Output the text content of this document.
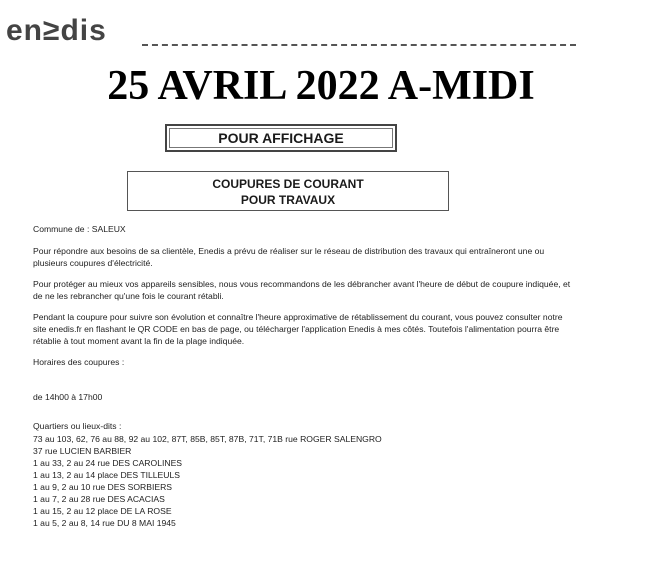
en≥dis
25 AVRIL 2022 A-MIDI
POUR AFFICHAGE
COUPURES DE COURANT
POUR TRAVAUX
Commune de : SALEUX
Pour répondre aux besoins de sa clientèle, Enedis a prévu de réaliser sur le réseau de distribution des travaux qui entraîneront une ou plusieurs coupures d'électricité.
Pour protéger au mieux vos appareils sensibles, nous vous recommandons de les débrancher avant l'heure de début de coupure indiquée, et de ne les rebrancher qu'une fois le courant rétabli.
Pendant la coupure pour suivre son évolution et connaître l'heure approximative de rétablissement du courant, vous pouvez consulter notre site enedis.fr en flashant le QR CODE en bas de page, ou télécharger l'application Enedis à mes côtés. Toutefois l'alimentation pourra être rétablie à tout moment avant la fin de la plage indiquée.
Horaires des coupures :
de 14h00 à 17h00
Quartiers ou lieux-dits :
73 au 103, 62, 76 au 88, 92 au 102, 87T, 85B, 85T, 87B, 71T, 71B rue ROGER SALENGRO
37 rue LUCIEN BARBIER
1 au 33, 2 au 24 rue DES CAROLINES
1 au 13, 2 au 14 place DES TILLEULS
1 au 9, 2 au 10 rue DES SORBIERS
1 au 7, 2 au 28 rue DES ACACIAS
1 au 15, 2 au 12 place DE LA ROSE
1 au 5, 2 au 8, 14 rue DU 8 MAI 1945
